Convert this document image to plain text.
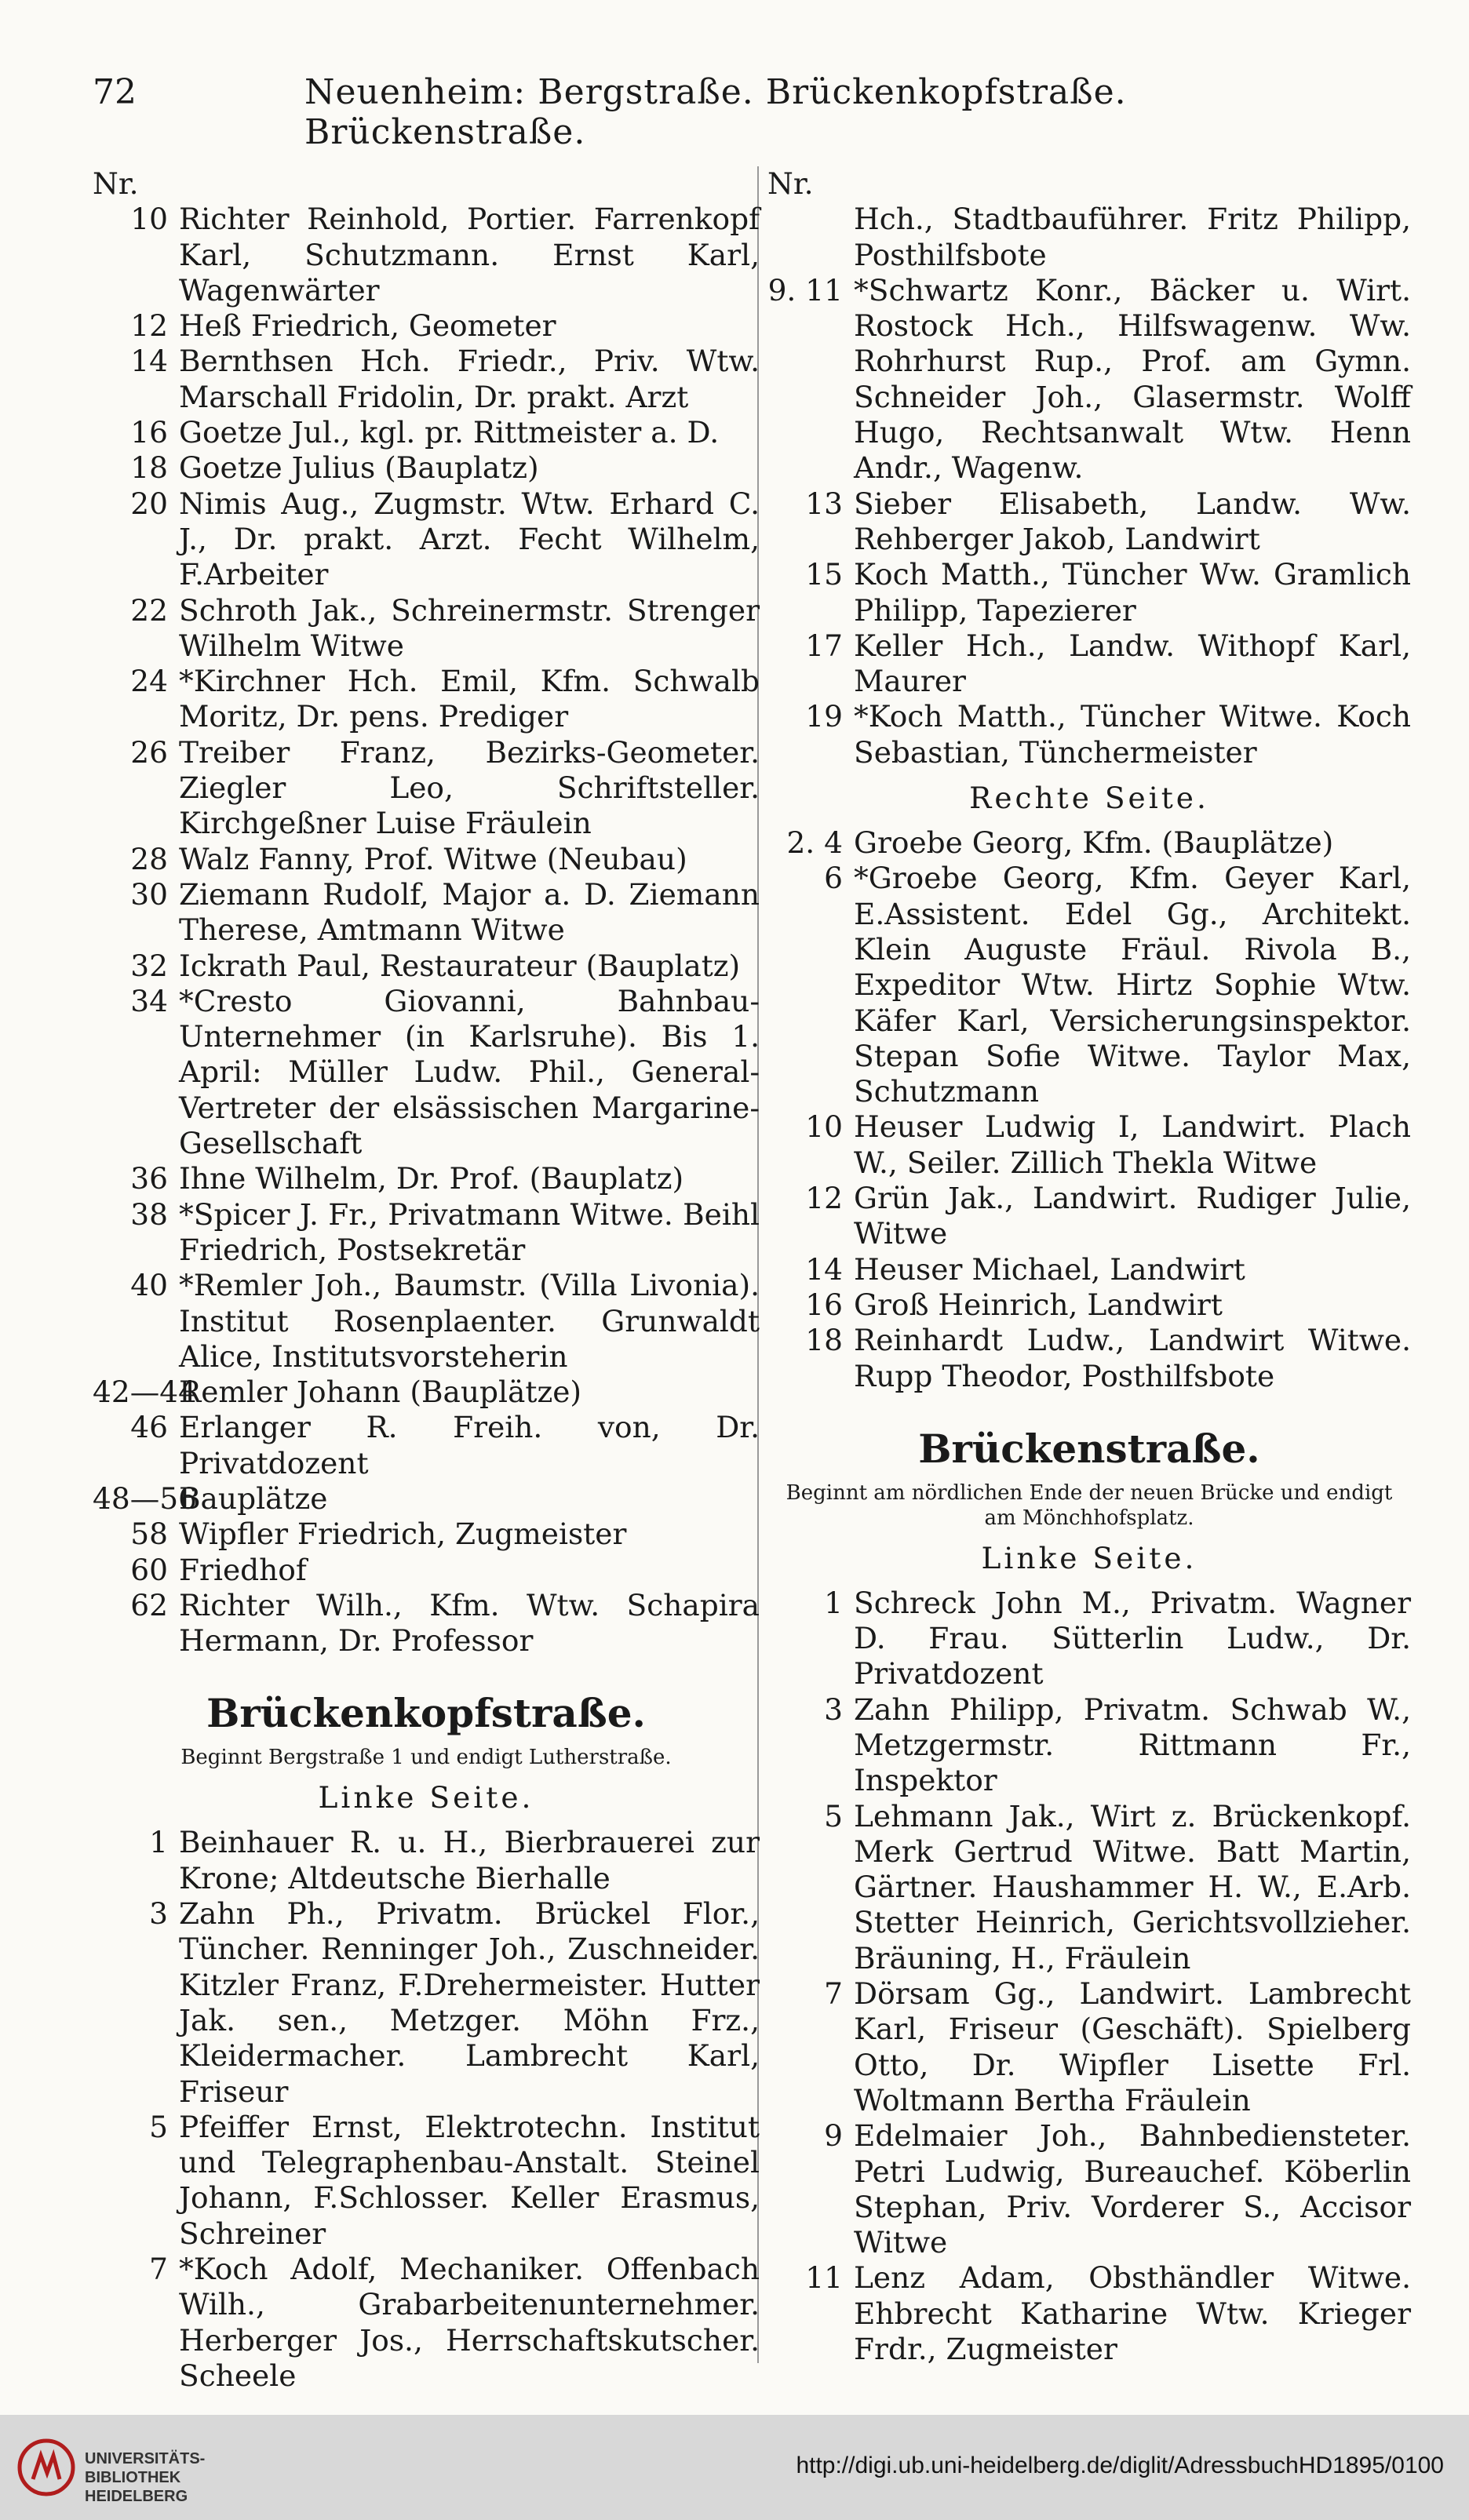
72	Neuenheim: Bergstraße. Brückenkopfstraße. Brückenstraße.
Nr.
10 Richter Reinhold, Portier. Farrenkopf Karl, Schutzmann. Ernst Karl, Wagenwärter
12 Heß Friedrich, Geometer
14 Bernthsen Hch. Friedr., Priv. Wtw. Marschall Fridolin, Dr. prakt. Arzt
16 Goetze Jul., kgl. pr. Rittmeister a. D.
18 Goetze Julius (Bauplatz)
20 Nimis Aug., Zugmstr. Wtw. Erhard C. J., Dr. prakt. Arzt. Fecht Wilhelm, F.Arbeiter
22 Schroth Jak., Schreinermstr. Strenger Wilhelm Witwe
24 *Kirchner Hch. Emil, Kfm. Schwalb Moritz, Dr. pens. Prediger
26 Treiber Franz, Bezirks-Geometer. Ziegler Leo, Schriftsteller. Kirchgeßner Luise Fräulein
28 Walz Fanny, Prof. Witwe (Neubau)
30 Ziemann Rudolf, Major a. D. Ziemann Therese, Amtmann Witwe
32 Ickrath Paul, Restaurateur (Bauplatz)
34 *Cresto Giovanni, Bahnbau-Unternehmer (in Karlsruhe). Bis 1. April: Müller Ludw. Phil., General-Vertreter der elsässischen Margarine-Gesellschaft
36 Ihne Wilhelm, Dr. Prof. (Bauplatz)
38 *Spicer J. Fr., Privatmann Witwe. Beihl Friedrich, Postsekretär
40 *Remler Joh., Baumstr. (Villa Livonia). Institut Rosenplaenter. Grunwaldt Alice, Institutsvorsteherin
42—44
Remler Johann (Bauplätze)
46 Erlanger R. Freih. von, Dr. Privatdozent
48—56
Bauplätze
58 Wipfler Friedrich, Zugmeister
60 Friedhof
62 Richter Wilh., Kfm. Wtw. Schapira Hermann, Dr. Professor
Brückenkopfstraße.
Beginnt Bergstraße 1 und endigt Lutherstraße.
Linke Seite.
1 Beinhauer R. u. H., Bierbrauerei zur Krone; Altdeutsche Bierhalle
3 Zahn Ph., Privatm. Brückel Flor., Tüncher. Renninger Joh., Zuschneider. Kitzler Franz, F.Drehermeister. Hutter Jak. sen., Metzger. Möhn Frz., Kleidermacher. Lambrecht Karl, Friseur
5 Pfeiffer Ernst, Elektrotechn. Institut und Telegraphenbau-Anstalt. Steinel Johann, F.Schlosser. Keller Erasmus, Schreiner
7 *Koch Adolf, Mechaniker. Offenbach Wilh., Grabarbeitenunternehmer. Herberger Jos., Herrschaftskutscher. Scheele
Nr.
Hch., Stadtbauführer. Fritz Philipp, Posthilfsbote
9. 11 *Schwartz Konr., Bäcker u. Wirt. Rostock Hch., Hilfswagenw. Ww. Rohrhurst Rup., Prof. am Gymn. Schneider Joh., Glasermstr. Wolff Hugo, Rechtsanwalt Wtw. Henn Andr., Wagenw.
13 Sieber Elisabeth, Landw. Ww. Rehberger Jakob, Landwirt
15 Koch Matth., Tüncher Ww. Gramlich Philipp, Tapezierer
17 Keller Hch., Landw. Withopf Karl, Maurer
19 *Koch Matth., Tüncher Witwe. Koch Sebastian, Tünchermeister
Rechte Seite.
2. 4 Groebe Georg, Kfm. (Bauplätze)
6 *Groebe Georg, Kfm. Geyer Karl, E.Assistent. Edel Gg., Architekt. Klein Auguste Fräul. Rivola B., Expeditor Wtw. Hirtz Sophie Wtw. Käfer Karl, Versicherungsinspektor. Stepan Sofie Witwe. Taylor Max, Schutzmann
10 Heuser Ludwig I, Landwirt. Plach W., Seiler. Zillich Thekla Witwe
12 Grün Jak., Landwirt. Rudiger Julie, Witwe
14 Heuser Michael, Landwirt
16 Groß Heinrich, Landwirt
18 Reinhardt Ludw., Landwirt Witwe. Rupp Theodor, Posthilfsbote
Brückenstraße.
Beginnt am nördlichen Ende der neuen Brücke und endigt am Mönchhofsplatz.
Linke Seite.
1 Schreck John M., Privatm. Wagner D. Frau. Sütterlin Ludw., Dr. Privatdozent
3 Zahn Philipp, Privatm. Schwab W., Metzgermstr. Rittmann Fr., Inspektor
5 Lehmann Jak., Wirt z. Brückenkopf. Merk Gertrud Witwe. Batt Martin, Gärtner. Haushammer H. W., E.Arb. Stetter Heinrich, Gerichtsvollzieher. Bräuning, H., Fräulein
7 Dörsam Gg., Landwirt. Lambrecht Karl, Friseur (Geschäft). Spielberg Otto, Dr. Wipfler Lisette Frl. Woltmann Bertha Fräulein
9 Edelmaier Joh., Bahnbediensteter. Petri Ludwig, Bureauchef. Köberlin Stephan, Priv. Vorderer S., Accisor Witwe
11 Lenz Adam, Obsthändler Witwe. Ehbrecht Katharine Wtw. Krieger Frdr., Zugmeister
UNIVERSITÄTS-
BIBLIOTHEK
HEIDELBERG
http://digi.ub.uni-heidelberg.de/diglit/AdressbuchHD1895/0100
